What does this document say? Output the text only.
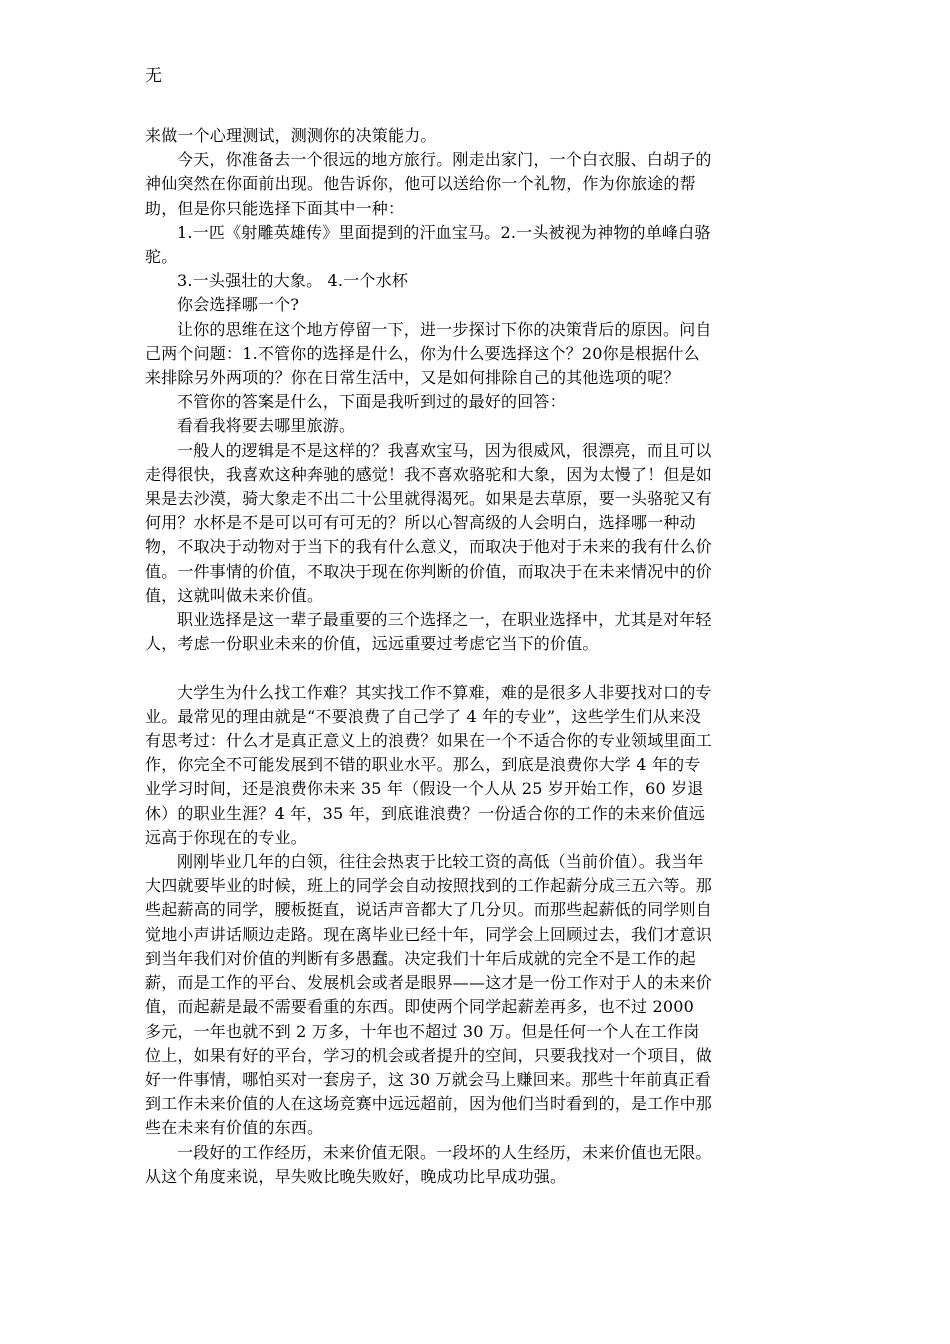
无

来做一个心理测试，测测你的决策能力。

今天，你准备去一个很远的地方旅行。刚走出家门，一个白衣服、白胡子的神仙突然在你面前出现。他告诉你，他可以送给你一个礼物，作为你旅途的帮助，但是你只能选择下面其中一种：

1.一匹《射雕英雄传》里面提到的汗血宝马。2.一头被视为神物的单峰白骆驼。

3.一头强壮的大象。 4.一个水杯

你会选择哪一个?

让你的思维在这个地方停留一下，进一步探讨下你的决策背后的原因。问自己两个问题：1.不管你的选择是什么，你为什么要选择这个？20你是根据什么来排除另外两项的？你在日常生活中，又是如何排除自己的其他选项的呢？

不管你的答案是什么，下面是我听到过的最好的回答：

看看我将要去哪里旅游。

一般人的逻辑是不是这样的？我喜欢宝马，因为很威风，很漂亮，而且可以走得很快，我喜欢这种奔驰的感觉！我不喜欢骆驼和大象，因为太慢了！但是如果是去沙漠，骑大象走不出二十公里就得渴死。如果是去草原，要一头骆驼又有何用？水杯是不是可以可有可无的？所以心智高级的人会明白，选择哪一种动物，不取决于动物对于当下的我有什么意义，而取决于他对于未来的我有什么价值。一件事情的价值，不取决于现在你判断的价值，而取决于在未来情况中的价值，这就叫做未来价值。

职业选择是这一辈子最重要的三个选择之一，在职业选择中，尤其是对年轻人，考虑一份职业未来的价值，远远重要过考虑它当下的价值。

大学生为什么找工作难？其实找工作不算难，难的是很多人非要找对口的专业。最常见的理由就是“不要浪费了自己学了 4 年的专业”，这些学生们从来没有思考过：什么才是真正意义上的浪费？如果在一个不适合你的专业领域里面工作，你完全不可能发展到不错的职业水平。那么，到底是浪费你大学 4 年的专业学习时间，还是浪费你未来 35 年（假设一个人从 25 岁开始工作，60 岁退休）的职业生涯？4 年，35 年，到底谁浪费？一份适合你的工作的未来价值远远高于你现在的专业。

刚刚毕业几年的白领，往往会热衷于比较工资的高低（当前价值）。我当年大四就要毕业的时候，班上的同学会自动按照找到的工作起薪分成三五六等。那些起薪高的同学，腰板挺直，说话声音都大了几分贝。而那些起薪低的同学则自觉地小声讲话顺边走路。现在离毕业已经十年，同学会上回顾过去，我们才意识到当年我们对价值的判断有多愚蠢。决定我们十年后成就的完全不是工作的起薪，而是工作的平台、发展机会或者是眼界——这才是一份工作对于人的未来价值，而起薪是最不需要看重的东西。即使两个同学起薪差再多，也不过 2000 多元，一年也就不到 2 万多，十年也不超过 30 万。但是任何一个人在工作岗位上，如果有好的平台，学习的机会或者提升的空间，只要我找对一个项目，做好一件事情，哪怕买对一套房子，这 30 万就会马上赚回来。那些十年前真正看到工作未来价值的人在这场竞赛中远远超前，因为他们当时看到的，是工作中那些在未来有价值的东西。

一段好的工作经历，未来价值无限。一段坏的人生经历，未来价值也无限。从这个角度来说，早失败比晚失败好，晚成功比早成功强。
